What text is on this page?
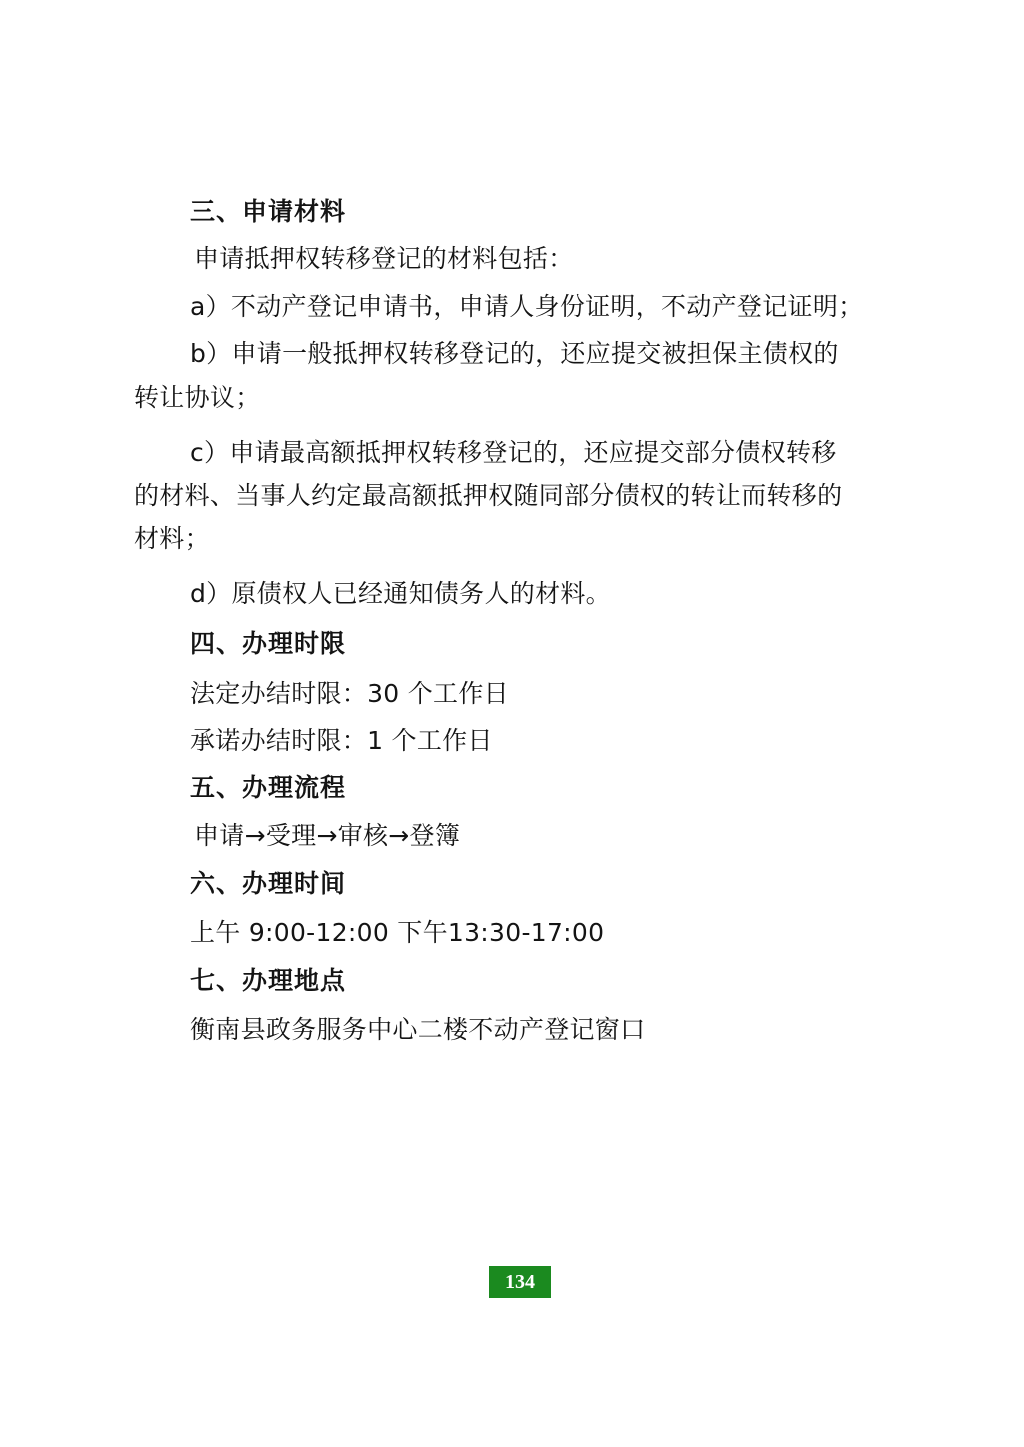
三、申请材料
申请抵押权转移登记的材料包括：
a）不动产登记申请书，申请人身份证明，不动产登记证明；
b）申请一般抵押权转移登记的，还应提交被担保主债权的
转让协议；
c）申请最高额抵押权转移登记的，还应提交部分债权转移
的材料、当事人约定最高额抵押权随同部分债权的转让而转移的
材料；
d）原债权人已经通知债务人的材料。
四、办理时限
法定办结时限：30 个工作日
承诺办结时限：1 个工作日
五、办理流程
申请→受理→审核→登簿
六、办理时间
上午 9:00-12:00 下午13:30-17:00
七、办理地点
衡南县政务服务中心二楼不动产登记窗口
134
